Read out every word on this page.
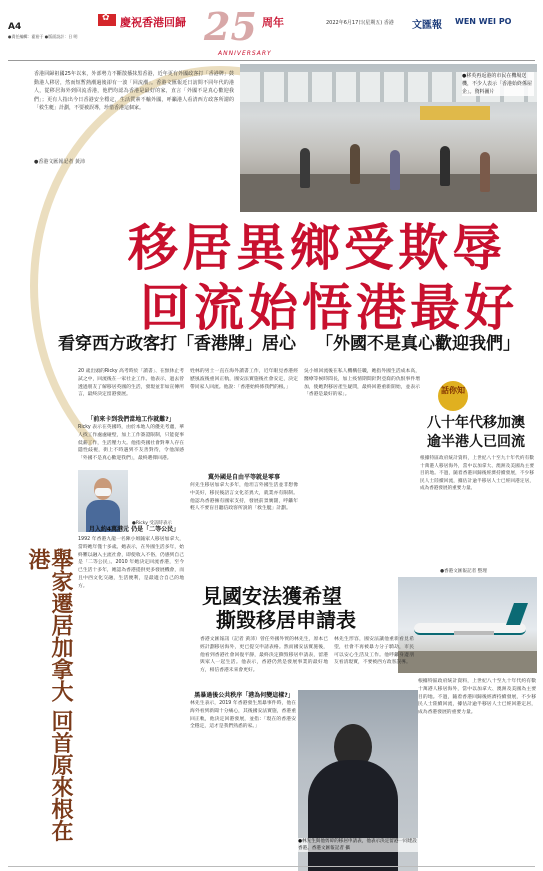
A4
●責任編輯：霍裕于 ●版面設計：日 明
✿
慶祝香港回歸 25 周年
ANNIVERSARY
2022年6月17日(星期五) 香港 文匯報 WEN WEI PO
香港回歸祖國25年以來，外部勢力不斷散播抹黑香港，近年更有外國政客打「香港牌」鼓動港人移居，然而短暫熱潮過後卻有一波「回流潮」。香港文匯報近日訪問不同年代的港人，從移居海外到回流香港，他們均認為香港是最好的家，直言「外國不是真心歡迎我們」；更有人指出今日香港安全穩定，生活質素不輸外國，呼籲港人看清西方政客所謂的「救生艇」計劃，不要被誤導，珍惜香港這個家。
●香港文匯報記者 黃沛
●移英再返港的市民在機場送機，不少人表示「香港始終係屋企」。資料圖片
移居異鄉受欺辱
回流始悟港最好
看穿西方政客打「香港牌」居心 「外國不是真心歡迎我們」
20 歲出頭的Ricky 高考時於「讀書」、在無休止考試之中，回流後在一家社企工作。他表示，過去曾透過朋友了解移居英國的生活，發現並非如宣傳所言，最終決定留港發展。
「前來卡到我們當地工作就難?」
Ricky 表示在英國時，由於本地人的優先考慮，華人找工作處處碰壁，加上工作簽證限制，只能從事低薪工作，生活壓力大。他指英國社會對華人存在隱性歧視，街上不時遇到不友善對待，令他深感「外國不是真心歡迎我們」，最終選擇回港。
●Ricky 受訪時表示
月入約4萬港元 仍是「二等公民」
1992 年香港九龍一名陳小姐隨家人移居加拿大，當時她年僅十多歲。她表示，在外國生活多年，始終難以融入主流社會，即使收入不俗，仍感到自己是「二等公民」。2010 年她決定回流香港，至今已生活十多年，她認為香港提供更多發展機會，而且中西文化交融，生活便利，是最適合自己的地方。
姓林的男士一直在海外讀書工作，近年眼見香港經歷風波後重回正軌，國安法實施後社會安定，決定帶同家人回流。他說：「香港始終係我們的根。」
冀外國是自由平等就是零事
何先生移居加拿大多年，他坦言外國生活並非想像中美好，移民後語言文化差異大，就業亦有限制。他認為香港擁有國家支持，發展前景廣闊，呼籲年輕人不要盲目聽信政客所說的「救生艇」計劃。
吳小姐回流後在私人機構任職，她指外國生活成本高，醫療等候時間長，加上疫情期間針對亞裔的仇恨事件增加，使她對移居產生疑問，最終回港重新開始，並表示「香港是最好的家」。
舉家遷居加拿大 回首原來根在港
話你知
八十年代移加澳
逾半港人已回流
根據特區政府統計資料，上世紀八十至九十年代約有數十萬港人移居海外，當中以加拿大、澳洲及美國為主要目的地。不過，隨着香港回歸後經濟持續發展，不少移民人士陸續回流，據估計逾半移居人士已經回港定居，成為香港發展的重要力量。
●香港文匯報記者 整理
見國安法獲希望
撕毀移居申請表
香港文匯報訊（記者 黃沛）曾任外國外貿的林先生，原本已經計劃移居海外，更已提交申請表格。然而國安法實施後，他看到香港社會回復平靜，最終決定撕毀移居申請表，留港與家人一起生活。他表示，香港仍然是發展事業的最好地方，相信香港未來會更好。
黑暴過後公共秩序「港為何變這樣?」
林先生表示，2019 年香港發生黑暴事件時，他在海外看到新聞十分痛心，其後國安法實施，香港重回正軌，他決定回港發展，並指：「現在的香港安全穩定，這才是我們熟悉的家。」
林先生形容，國安法讓他重新看見希望，社會不再被暴力分子騎劫，市民可以安心生活及工作。他呼籲身邊朋友看清現實，不要被西方政客誤導。
●林先生與他剪碎的移居申請表，他表示決定留港一同建設香港。香港文匯報記者 攝
根據特區政府統計資料，上世紀八十至九十年代約有數十萬港人移居海外，當中以加拿大、澳洲及美國為主要目的地。不過，隨着香港回歸後經濟持續發展，不少移民人士陸續回流，據估計逾半移居人士已經回港定居，成為香港發展的重要力量。
